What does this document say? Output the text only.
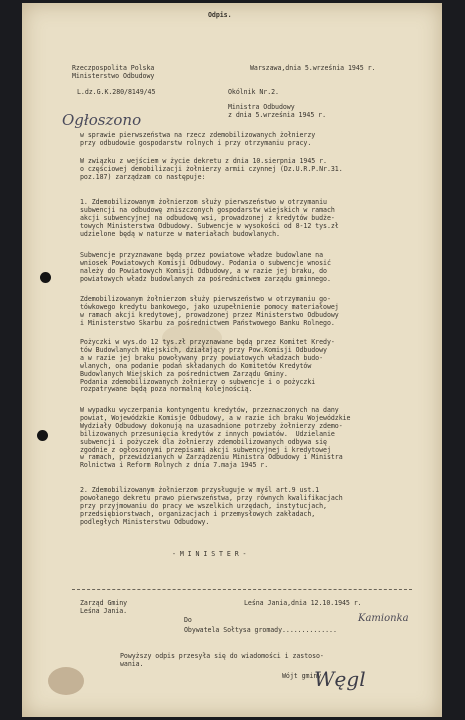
Odpis.
Rzeczpospolita Polska
Ministerstwo Odbudowy
Warszawa,dnia 5.września 1945 r.
L.dz.G.K.280/8149/45	Okólnik Nr.2.
Ministra Odbudowy
z dnia 5.września 1945 r.
Ogłoszono
w sprawie pierwszeństwa na rzecz zdemobilizowanych żołnierzy
przy odbudowie gospodarstw rolnych i przy otrzymaniu pracy.
W związku z wejściem w życie dekretu z dnia 10.sierpnia 1945 r.
o częściowej demobilizacji żołnierzy armii czynnej (Dz.U.R.P.Nr.31.
poz.187) zarządzam co następuje:
1. Zdemobilizowanym żołnierzom służy pierwszeństwo w otrzymaniu
subwencji na odbudowę zniszczonych gospodarstw wiejskich w ramach
akcji subwencyjnej na odbudowę wsi, prowadzonej z kredytów budże-
towych Ministerstwa Odbudowy. Subwencje w wysokości od 8-12 tys.zł
udzielone będą w naturze w materiałach budowlanych.
Subwencje przyznawane będą przez powiatowe władze budowlane na
wniosek Powiatowych Komisji Odbudowy. Podania o subwencje wnosić
należy do Powiatowych Komisji Odbudowy, a w razie jej braku, do
powiatowych władz budowlanych za pośrednictwem zarządu gminnego.
Zdemobilizowanym żołnierzom służy pierwszeństwo w otrzymaniu go-
tówkowego kredytu bankowego, jako uzupełnienie pomocy materiałowej
w ramach akcji kredytowej, prowadzonej przez Ministerstwo Odbudowy
i Ministerstwo Skarbu za pośrednictwem Państwowego Banku Rolnego.
Pożyczki w wys.do 12 tys.zł przyznawane będą przez Komitet Kredy-
tów Budowlanych Wiejskich, działający przy Pow.Komisji Odbudowy
a w razie jej braku powoływany przy powiatowych władzach budo-
wlanych, ona podanie podań składanych do Komitetów Kredytów
Budowlanych Wiejskich za pośrednictwem Zarządu Gminy.
Podania zdemobilizowanych żołnierzy o subwencje i o pożyczki
rozpatrywane będą poza normalną kolejnością.
W wypadku wyczerpania kontyngentu kredytów, przeznaczonych na dany
powiat, Wojewódzkie Komisje Odbudowy, a w razie ich braku Wojewódzkie
Wydziały Odbudowy dokonują na uzasadnione potrzeby żołnierzy zdemo-
bilizowanych przesunięcia kredytów z innych powiatów.  Udzielanie
subwencji i pożyczek dla żołnierzy zdemobilizowanych odbywa się
zgodnie z ogłoszonymi przepisami akcji subwencyjnej i kredytowej
w ramach, przewidzianych w Zarządzeniu Ministra Odbudowy i Ministra
Rolnictwa i Reform Rolnych z dnia 7.maja 1945 r.
2. Zdemobilizowanym żołnierzom przysługuje w myśl art.9 ust.1
powołanego dekretu prawo pierwszeństwa, przy równych kwalifikacjach
przy przyjmowaniu do pracy we wszelkich urzędach, instytucjach,
przedsiębiorstwach, organizacjach i przemysłowych zakładach,
podległych Ministerstwu Odbudowy.
- M I N I S T E R -
Zarząd Gminy
Leśna Jania.
Leśna Jania,dnia 12.10.1945 r.
Do
Obywatela Sołtysa gromady..............
Kamionka
Powyższy odpis przesyła się do wiadomości i zastoso-
wania.
Wójt gminy.
Węgl
